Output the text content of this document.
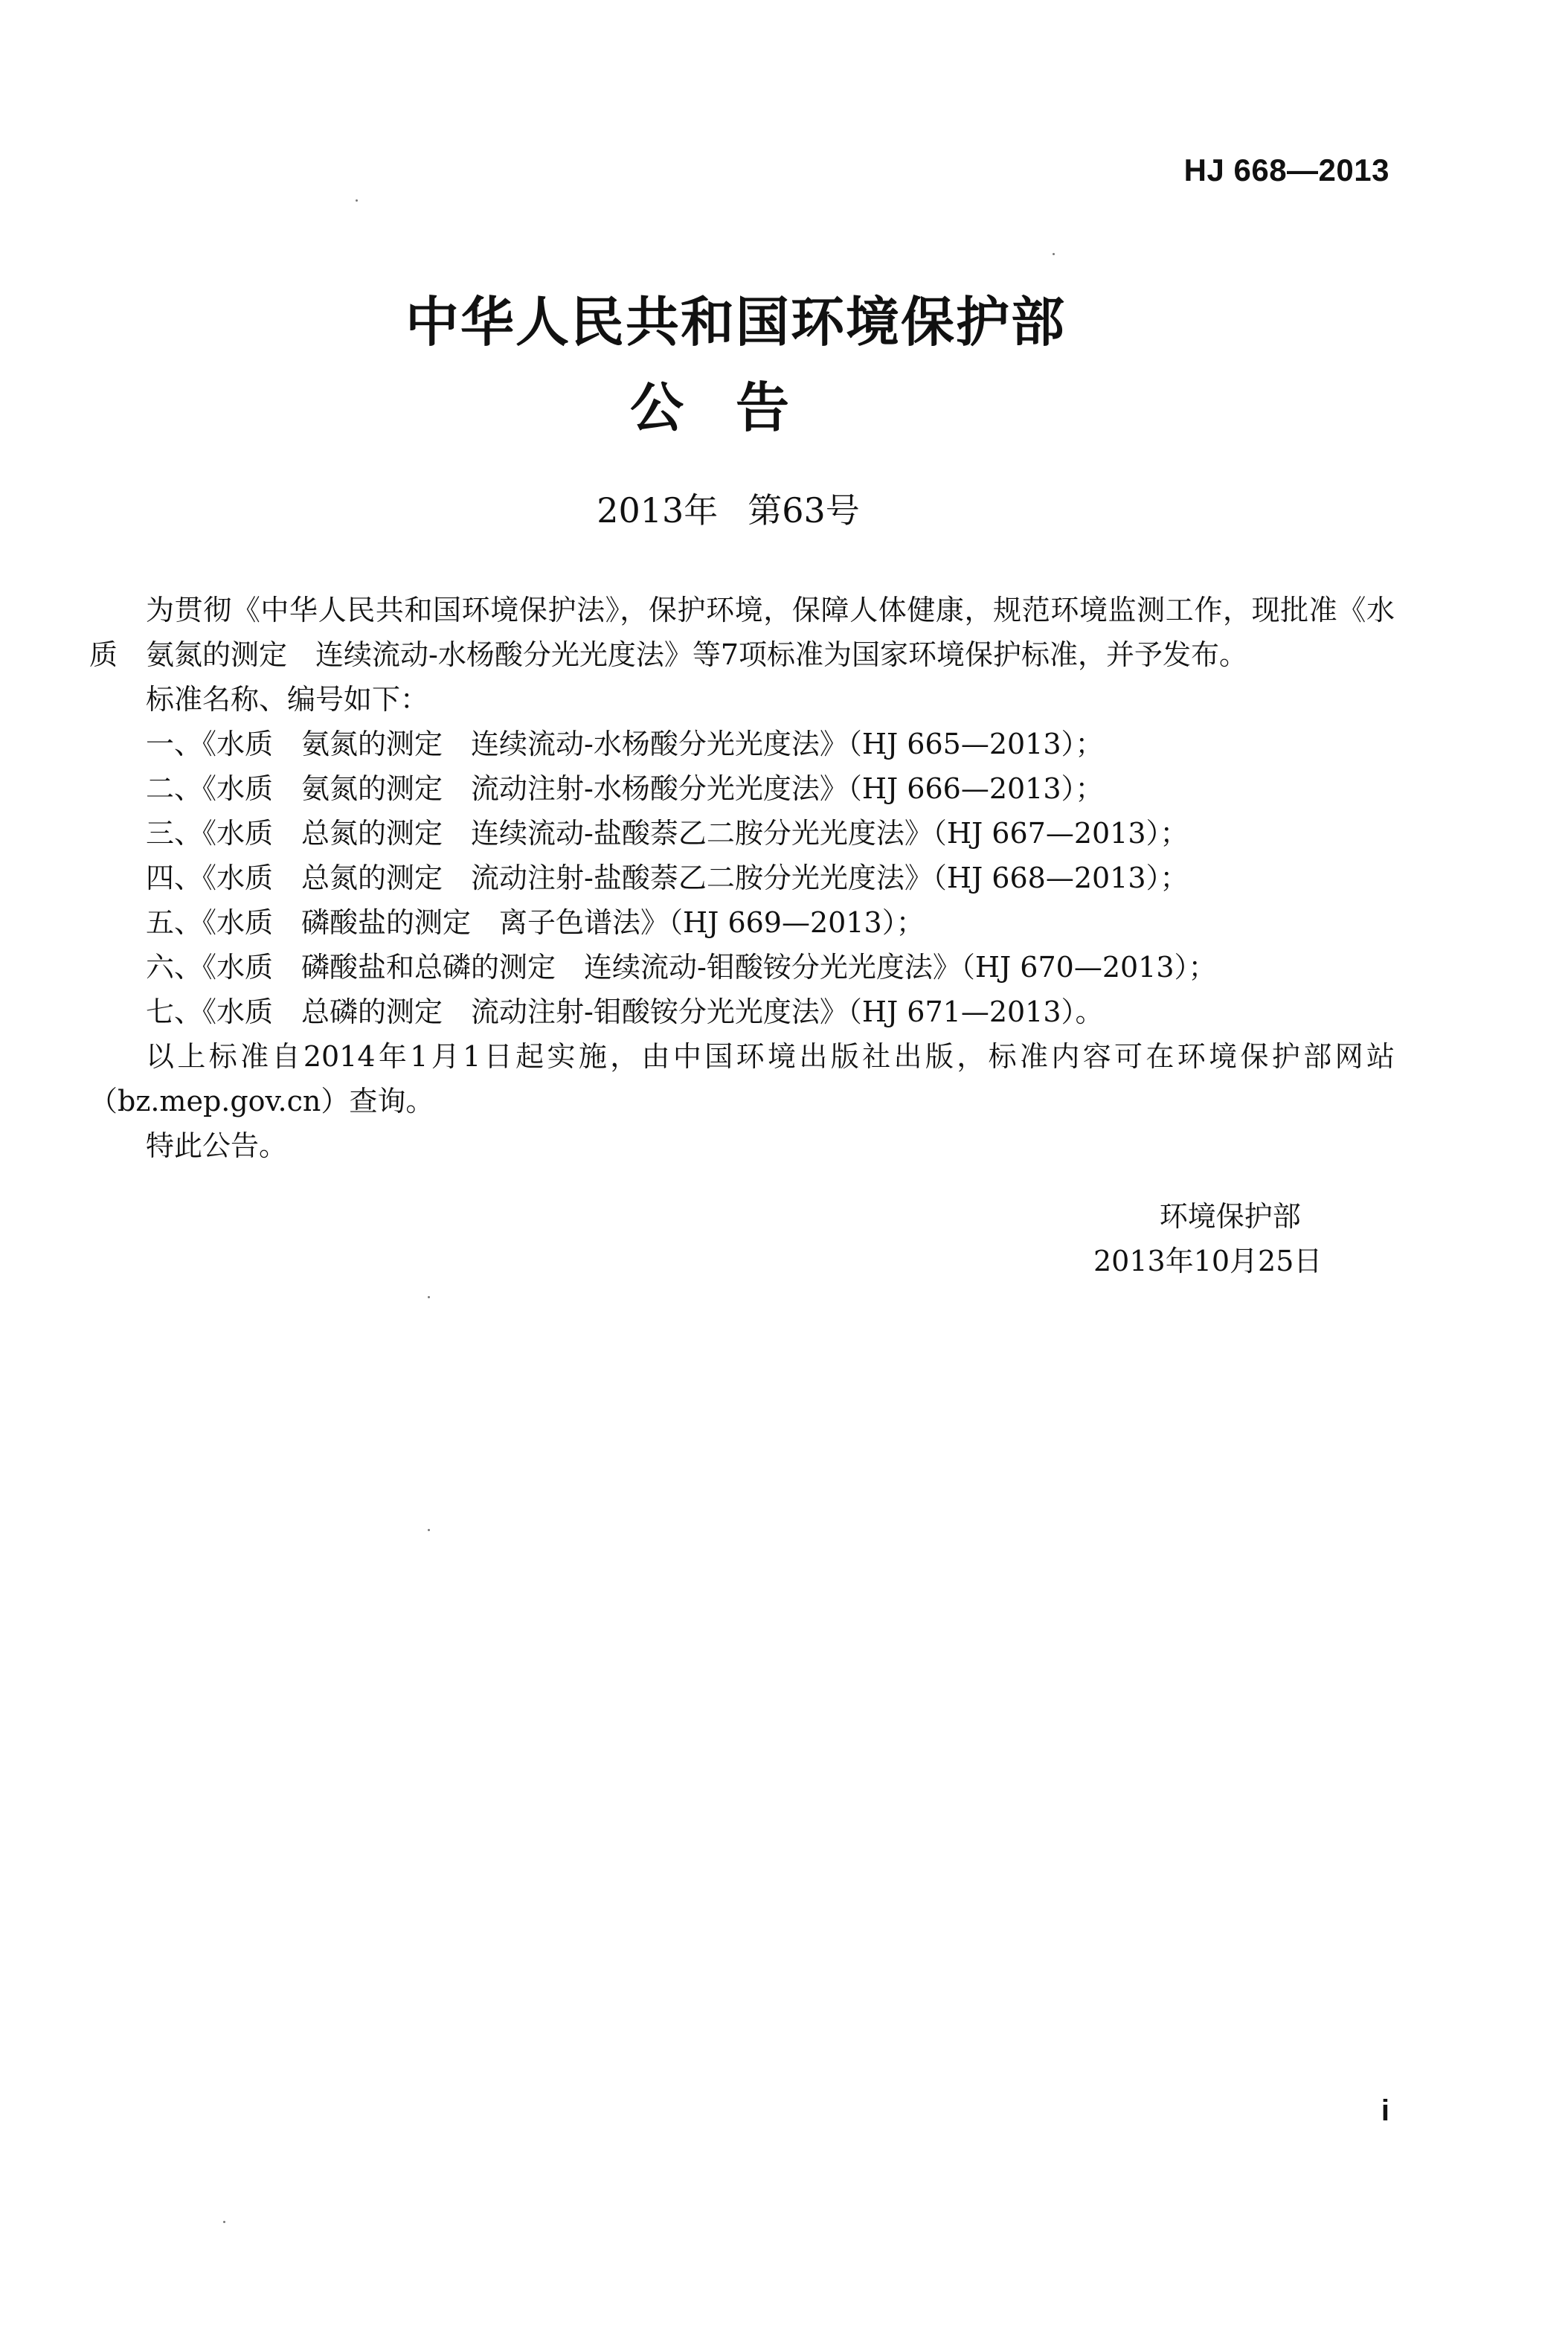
HJ 668—2013
中华人民共和国环境保护部
公告
2013年 第63号

为贯彻《中华人民共和国环境保护法》，保护环境，保障人体健康，规范环境监测工作，现批准《水质　氨氮的测定　连续流动-水杨酸分光光度法》等7项标准为国家环境保护标准，并予发布。

标准名称、编号如下：

一、《水质　氨氮的测定　连续流动-水杨酸分光光度法》（HJ 665—2013）；

二、《水质　氨氮的测定　流动注射-水杨酸分光光度法》（HJ 666—2013）；

三、《水质　总氮的测定　连续流动-盐酸萘乙二胺分光光度法》（HJ 667—2013）；

四、《水质　总氮的测定　流动注射-盐酸萘乙二胺分光光度法》（HJ 668—2013）；

五、《水质　磷酸盐的测定　离子色谱法》（HJ 669—2013）；

六、《水质　磷酸盐和总磷的测定　连续流动-钼酸铵分光光度法》（HJ 670—2013）；

七、《水质　总磷的测定　流动注射-钼酸铵分光光度法》（HJ 671—2013）。

以上标准自2014年1月1日起实施，由中国环境出版社出版，标准内容可在环境保护部网站（bz.mep.gov.cn）查询。

特此公告。

环境保护部
2013年10月25日
i
